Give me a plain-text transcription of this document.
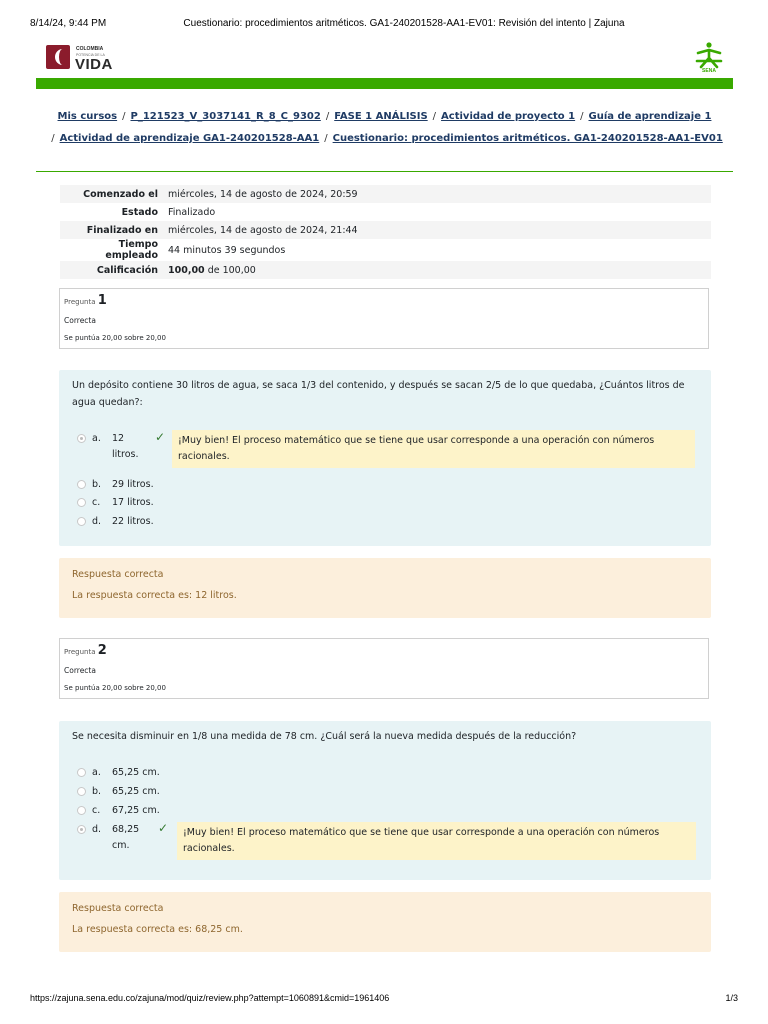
8/14/24, 9:44 PM	Cuestionario: procedimientos aritméticos. GA1-240201528-AA1-EV01: Revisión del intento | Zajuna
COLOMBIA
POTENCIA DE LA
VIDA	SENA
Mis cursos / P_121523_V_3037141_R_8_C_9302 / FASE 1 ANÁLISIS / Actividad de proyecto 1 / Guía de aprendizaje 1
/ Actividad de aprendizaje GA1-240201528-AA1 / Cuestionario: procedimientos aritméticos. GA1-240201528-AA1-EV01
Comenzado el	miércoles, 14 de agosto de 2024, 20:59
Estado	Finalizado
Finalizado en	miércoles, 14 de agosto de 2024, 21:44
Tiempo empleado	44 minutos 39 segundos
Calificación	100,00 de 100,00
Pregunta 1
Correcta
Se puntúa 20,00 sobre 20,00
Un depósito contiene 30 litros de agua, se saca 1/3 del contenido, y después se sacan 2/5 de lo que quedaba, ¿Cuántos litros de agua quedan?:
a. 12 litros.
✓	¡Muy bien! El proceso matemático que se tiene que usar corresponde a una operación con números racionales.
b. 29 litros.
c. 17 litros.
d. 22 litros.
Respuesta correcta
La respuesta correcta es: 12 litros.
Pregunta 2
Correcta
Se puntúa 20,00 sobre 20,00
Se necesita disminuir en 1/8 una medida de 78 cm. ¿Cuál será la nueva medida después de la reducción?
a. 65,25 cm.
b. 65,25 cm.
c. 67,25 cm.
d. 68,25 cm.
✓	¡Muy bien! El proceso matemático que se tiene que usar corresponde a una operación con números racionales.
Respuesta correcta
La respuesta correcta es: 68,25 cm.
https://zajuna.sena.edu.co/zajuna/mod/quiz/review.php?attempt=1060891&cmid=1961406	1/3
